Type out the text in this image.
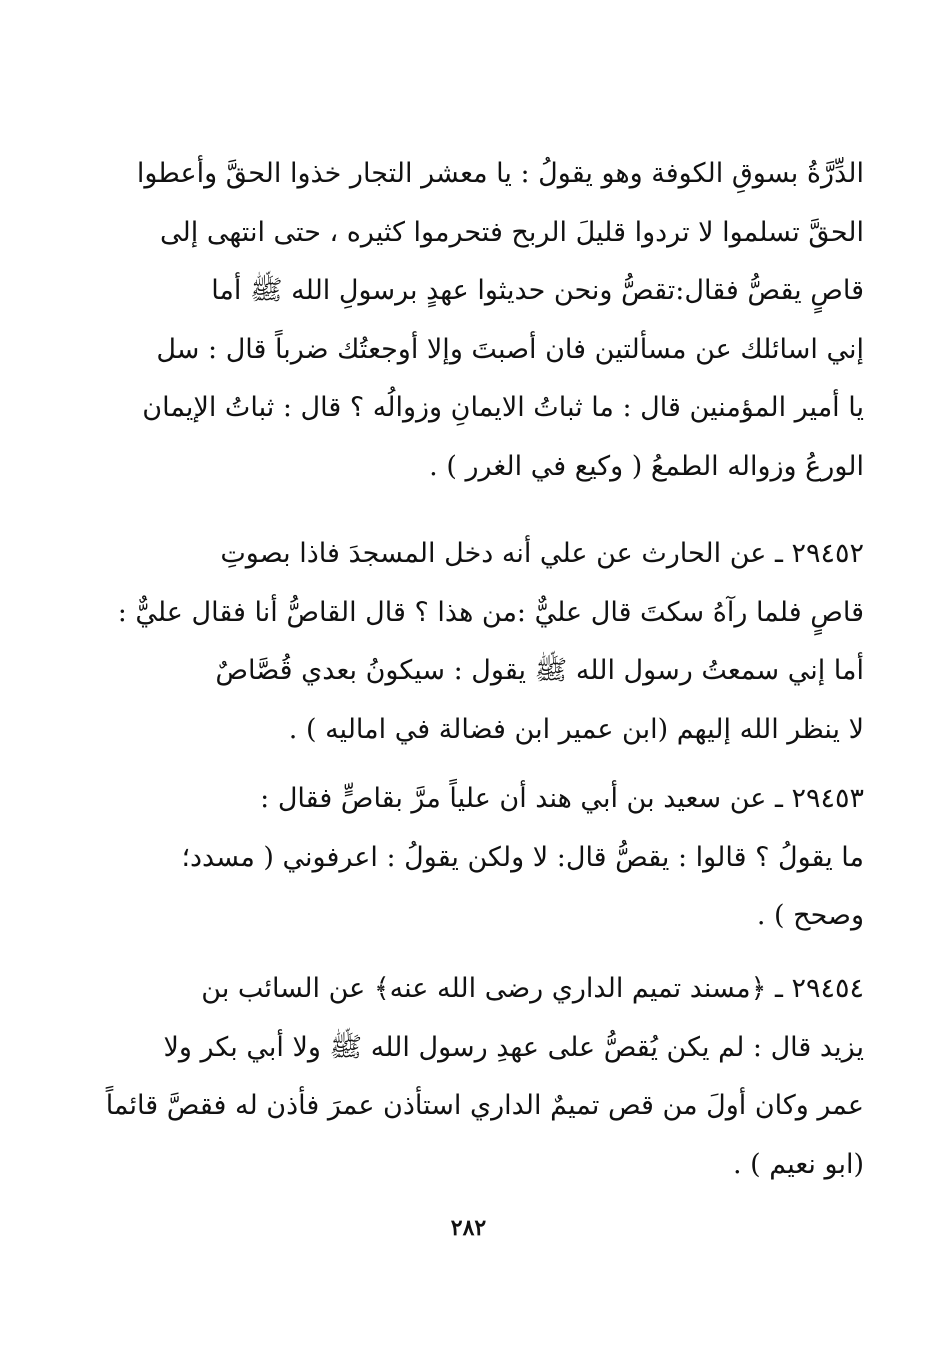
الدِّرَّةُ بسوقِ الكوفة وهو يقولُ : يا معشر التجار خذوا الحقَّ وأعطوا
الحقَّ تسلموا لا تردوا قليلَ الربح فتحرموا كثيره ، حتى انتهى إلى
قاصٍ يقصُّ فقال:تقصُّ ونحن حديثوا عهدٍ برسولِ الله ﷺ أما
إني اسائلك عن مسألتين فان أصبتَ وإلا أوجعتُك ضرباً قال : سل
يا أمير المؤمنين قال : ما ثباتُ الايمانِ وزوالُه ؟ قال : ثباتُ الإيمان
الورعُ وزواله الطمعُ ( وكيع في الغرر ) .
٢٩٤٥٢ ـ عن الحارث عن علي أنه دخل المسجدَ فاذا بصوتِ
قاصٍ فلما رآهُ سكتَ قال عليٌّ :من هذا ؟ قال القاصُّ أنا فقال عليٌّ :
أما إني سمعتُ رسول الله ﷺ يقول : سيكونُ بعدي قُصَّاصٌ
لا ينظر الله إليهم (ابن عمير ابن فضالة في اماليه ) .
٢٩٤٥٣ ـ عن سعيد بن أبي هند أن علياً مرَّ بقاصٍّ فقال :
ما يقولُ ؟ قالوا : يقصُّ قال: لا ولكن يقولُ : اعرفوني ( مسدد؛
وصحح ) .
٢٩٤٥٤ ـ ﴿مسند تميم الداري رضى الله عنه﴾ عن السائب بن
يزيد قال : لم يكن يُقصُّ على عهدِ رسول الله ﷺ ولا أبي بكر ولا
عمر وكان أولَ من قص تميمٌ الداري استأذن عمرَ فأذن له فقصَّ قائماً
(ابو نعيم ) .
٢٨٢
